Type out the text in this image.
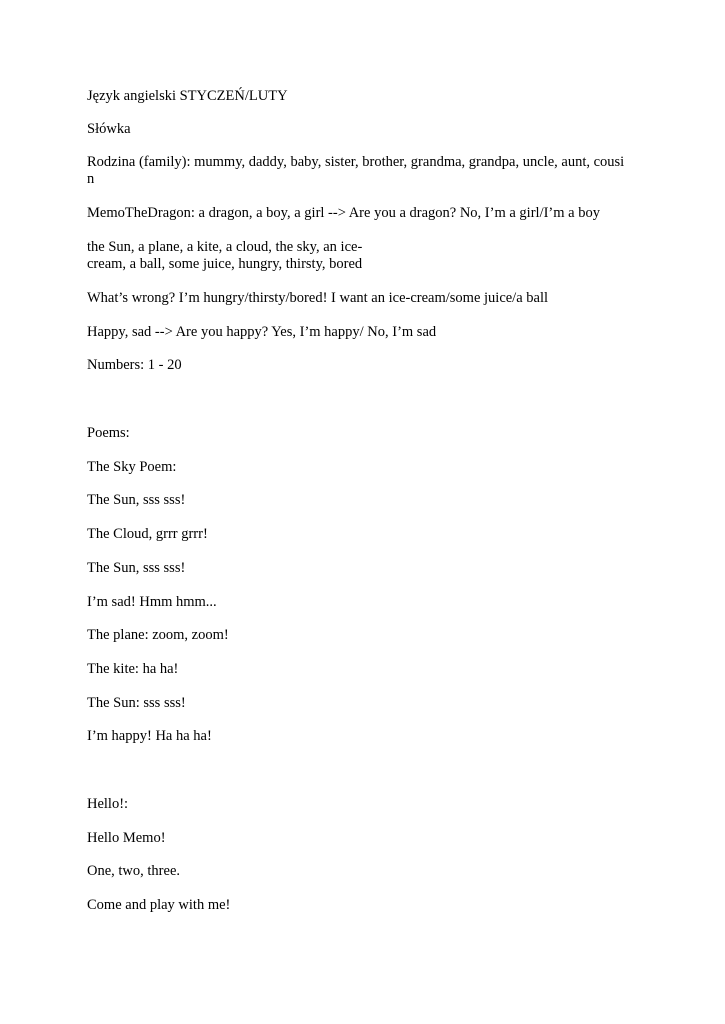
Język angielski STYCZEŃ/LUTY
Słówka
Rodzina (family): mummy, daddy, baby, sister, brother, grandma, grandpa, uncle, aunt, cousi
n
MemoTheDragon: a dragon, a boy, a girl --> Are you a dragon? No, I’m a girl/I’m a boy
the Sun, a plane, a kite, a cloud, the sky, an ice-
cream, a ball, some juice, hungry, thirsty, bored
What’s wrong? I’m hungry/thirsty/bored! I want an ice-cream/some juice/a ball
Happy, sad --> Are you happy? Yes, I’m happy/ No, I’m sad
Numbers: 1 - 20
Poems:
The Sky Poem:
The Sun, sss sss!
The Cloud, grrr grrr!
The Sun, sss sss!
I’m sad! Hmm hmm...
The plane: zoom, zoom!
The kite: ha ha!
The Sun: sss sss!
I’m happy! Ha ha ha!
Hello!:
Hello Memo!
One, two, three.
Come and play with me!
